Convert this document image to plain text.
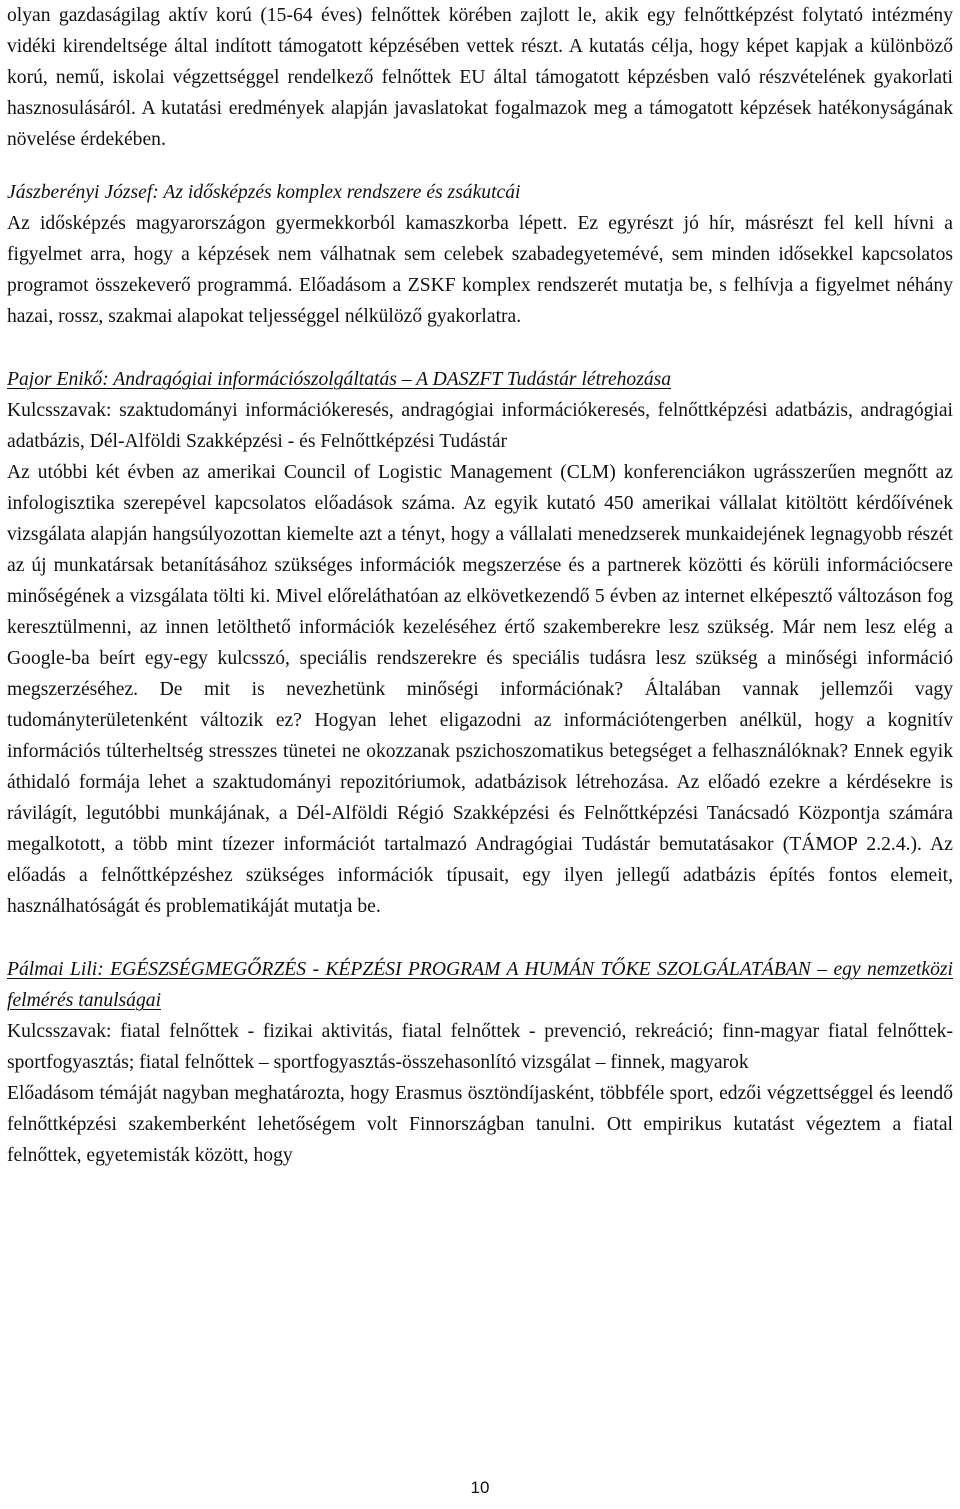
olyan gazdaságilag aktív korú (15-64 éves) felnőttek körében zajlott le, akik egy felnőttképzést folytató intézmény vidéki kirendeltsége által indított támogatott képzésében vettek részt. A kutatás célja, hogy képet kapjak a különböző korú, nemű, iskolai végzettséggel rendelkező felnőttek EU által támogatott képzésben való részvételének gyakorlati hasznosulásáról. A kutatási eredmények alapján javaslatokat fogalmazok meg a támogatott képzések hatékonyságának növelése érdekében.

Jászberényi József: Az idősképzés komplex rendszere és zsákutcái

Az idősképzés magyarországon gyermekkorból kamaszkorba lépett. Ez egyrészt jó hír, másrészt fel kell hívni a figyelmet arra, hogy a képzések nem válhatnak sem celebek szabadegyetemévé, sem minden idősekkel kapcsolatos programot összekeverő programmá. Előadásom a ZSKF komplex rendszerét mutatja be, s felhívja a figyelmet néhány hazai, rossz, szakmai alapokat teljességgel nélkülöző gyakorlatra.

Pajor Enikő: Andragógiai információszolgáltatás – A DASZFT Tudástár létrehozása

Kulcsszavak: szaktudományi információkeresés, andragógiai információkeresés, felnőttképzési adatbázis, andragógiai adatbázis, Dél-Alföldi Szakképzési - és Felnőttképzési Tudástár

Az utóbbi két évben az amerikai Council of Logistic Management (CLM) konferenciákon ugrásszerűen megnőtt az infologisztika szerepével kapcsolatos előadások száma. Az egyik kutató 450 amerikai vállalat kitöltött kérdőívének vizsgálata alapján hangsúlyozottan kiemelte azt a tényt, hogy a vállalati menedzserek munkaidejének legnagyobb részét az új munkatársak betanításához szükséges információk megszerzése és a partnerek közötti és körüli információcsere minőségének a vizsgálata tölti ki. Mivel előreláthatóan az elkövetkezendő 5 évben az internet elképesztő változáson fog keresztülmenni, az innen letölthető információk kezeléséhez értő szakemberekre lesz szükség. Már nem lesz elég a Google-ba beírt egy-egy kulcsszó, speciális rendszerekre és speciális tudásra lesz szükség a minőségi információ megszerzéséhez. De mit is nevezhetünk minőségi információnak? Általában vannak jellemzői vagy tudományterületenként változik ez? Hogyan lehet eligazodni az információtengerben anélkül, hogy a kognitív információs túlterheltség stresszes tünetei ne okozzanak pszichoszomatikus betegséget a felhasználóknak? Ennek egyik áthidaló formája lehet a szaktudományi repozitóriumok, adatbázisok létrehozása. Az előadó ezekre a kérdésekre is rávilágít, legutóbbi munkájának, a Dél-Alföldi Régió Szakképzési és Felnőttképzési Tanácsadó Központja számára megalkotott, a több mint tízezer információt tartalmazó Andragógiai Tudástár bemutatásakor (TÁMOP 2.2.4.). Az előadás a felnőttképzéshez szükséges információk típusait, egy ilyen jellegű adatbázis építés fontos elemeit, használhatóságát és problematikáját mutatja be.

Pálmai Lili: EGÉSZSÉGMEGŐRZÉS - KÉPZÉSI PROGRAM A HUMÁN TŐKE SZOLGÁLATÁBAN – egy nemzetközi felmérés tanulságai

Kulcsszavak: fiatal felnőttek - fizikai aktivitás, fiatal felnőttek - prevenció, rekreáció; finn-magyar fiatal felnőttek- sportfogyasztás; fiatal felnőttek – sportfogyasztás-összehasonlító vizsgálat – finnek, magyarok

Előadásom témáját nagyban meghatározta, hogy Erasmus ösztöndíjasként, többféle sport, edzői végzettséggel és leendő felnőttképzési szakemberként lehetőségem volt Finnországban tanulni. Ott empirikus kutatást végeztem a fiatal felnőttek, egyetemisták között, hogy

10
